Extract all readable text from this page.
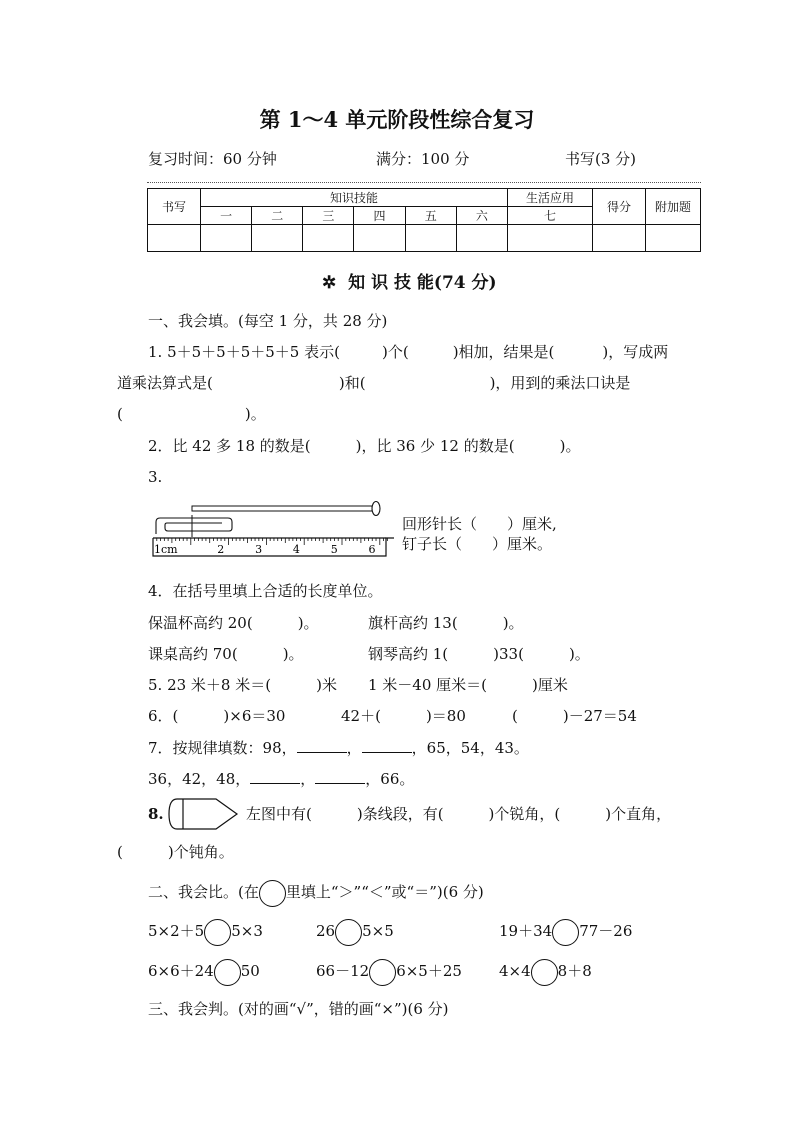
第 1～4 单元阶段性综合复习
复习时间：60 分钟	满分：100 分	书写(3 分)
书写	知识技能						生活应用	得分	附加题
	一	二	三	四	五	六	七		

✲ 知 识 技 能(74 分)
一、我会填。(每空 1 分，共 28 分)
1. 5＋5＋5＋5＋5＋5 表示(	)个(	)相加，结果是(	)，写成两
道乘法算式是(	)和(	)，用到的乘法口诀是
(	)。
2．比 42 多 18 的数是(　　　)，比 36 少 12 的数是(　　　)。
3.
1cm	2	3	4	5	6
回形针长（　　）厘米,
钉子长（　　）厘米。
4．在括号里填上合适的长度单位。
保温杯高约 20(　　　)。	旗杆高约 13(　　　)。
课桌高约 70(　　　)。	钢琴高约 1(　　　)33(　　　)。
5. 23 米＋8 米＝(　　　)米 1 米－40 厘米＝(　　　)厘米
6．(　　　)×6＝30	42＋(　　　)＝80	(　　　)－27＝54
7．按规律填数：98，	，	，65，54，43。
36，42，48，	，	，66。
8.	左图中有(　　　)条线段，有(　　　)个锐角，(　　　)个直角，
(　　　)个钝角。
二、我会比。(在 里填上“＞”“＜”或“＝”)(6 分)
5×2＋5 5×3	26 5×5	19＋34 77－26
6×6＋24 50	66－12 6×5＋25 4×4 8＋8
三、我会判。(对的画“√”，错的画“×”)(6 分)
